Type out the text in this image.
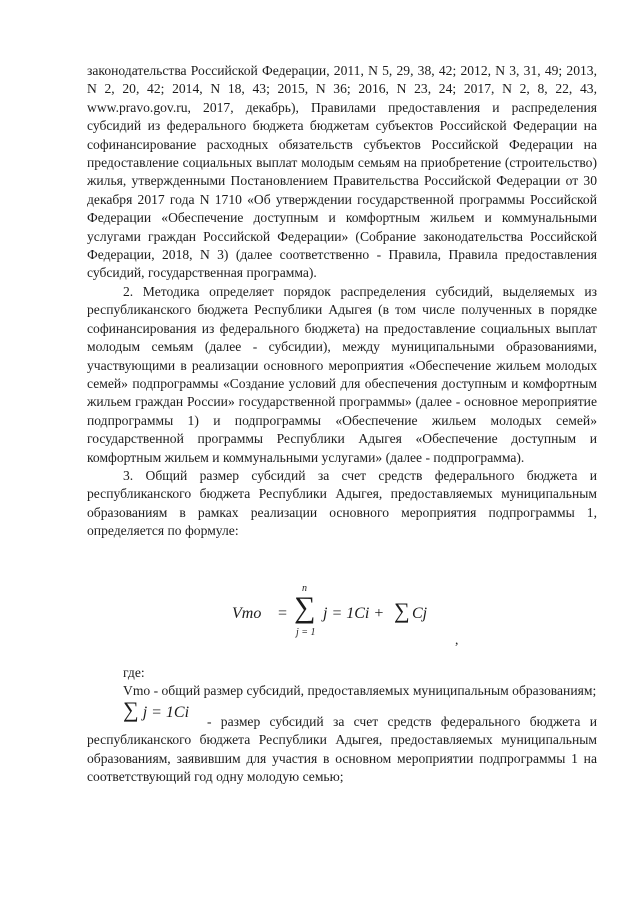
законодательства Российской Федерации, 2011, N 5, 29, 38, 42; 2012, N 3, 31, 49; 2013, N 2, 20, 42; 2014, N 18, 43; 2015, N 36; 2016, N 23, 24; 2017, N 2, 8, 22, 43, www.pravo.gov.ru, 2017, декабрь), Правилами предоставления и распределения субсидий из федерального бюджета бюджетам субъектов Российской Федерации на софинансирование расходных обязательств субъектов Российской Федерации на предоставление социальных выплат молодым семьям на приобретение (строительство) жилья, утвержденными Постановлением Правительства Российской Федерации от 30 декабря 2017 года N 1710 «Об утверждении государственной программы Российской Федерации «Обеспечение доступным и комфортным жильем и коммунальными услугами граждан Российской Федерации» (Собрание законодательства Российской Федерации, 2018, N 3) (далее соответственно - Правила, Правила предоставления субсидий, государственная программа).

2. Методика определяет порядок распределения субсидий, выделяемых из республиканского бюджета Республики Адыгея (в том числе полученных в порядке софинансирования из федерального бюджета) на предоставление социальных выплат молодым семьям (далее - субсидии), между муниципальными образованиями, участвующими в реализации основного мероприятия «Обеспечение жильем молодых семей» подпрограммы «Создание условий для обеспечения доступным и комфортным жильем граждан России» государственной программы» (далее - основное мероприятие подпрограммы 1) и подпрограммы «Обеспечение жильем молодых семей» государственной программы Республики Адыгея «Обеспечение доступным и комфортным жильем и коммунальными услугами» (далее - подпрограмма).

3. Общий размер субсидий за счет средств федерального бюджета и республиканского бюджета Республики Адыгея, предоставляемых муниципальным образованиям в рамках реализации основного мероприятия подпрограммы 1, определяется по формуле:

Vmo =
n
∑
j = 1
j = 1Ci + ∑ Cj
,

где:

Vmo - общий размер субсидий, предоставляемых муниципальным образованиям;

∑ j = 1Ci

- размер субсидий за счет средств федерального бюджета и республиканского бюджета Республики Адыгея, предоставляемых муниципальным образованиям, заявившим для участия в основном мероприятии подпрограммы 1 на соответствующий год одну молодую семью;
